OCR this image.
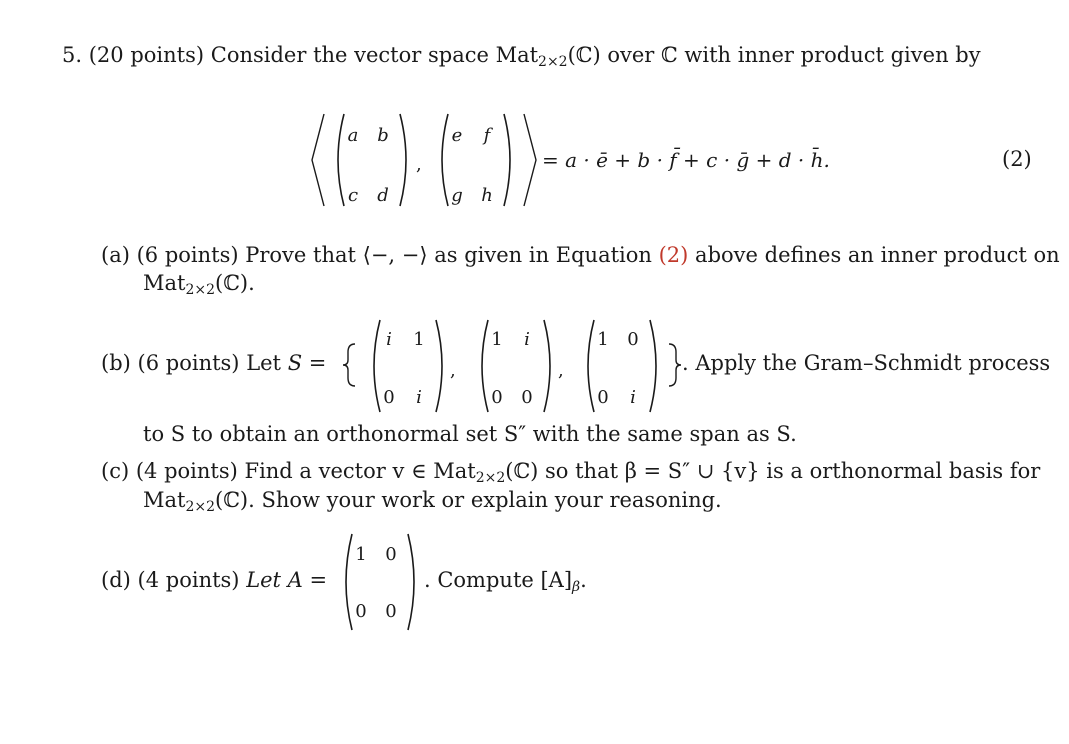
5. (20 points) Consider the vector space Mat$_{2\times 2}$(ℂ) over ℂ with inner product given by
a b
c d
,
e	f
g h
= a · ē + b · f̄ + c · ḡ + d · h̄.	(2)
(a) (6 points) Prove that ⟨−, −⟩ as given in Equation (2) above defines an inner product on
Mat$_{2\times 2}$(ℂ).
(b) (6 points) Let S =
i	1
0	i
,
1	i
0 0
,
1 0
0	i
. Apply the Gram–Schmidt process
to S to obtain an orthonormal set S″ with the same span as S.
(c) (4 points) Find a vector v ∈ Mat$_{2\times 2}$(ℂ) so that β = S″ ∪ {v} is a orthonormal basis for
Mat$_{2\times 2}$(ℂ). Show your work or explain your reasoning.
(d) (4 points) Let A =
1 0
0 0
. Compute $[A]_\beta$.
